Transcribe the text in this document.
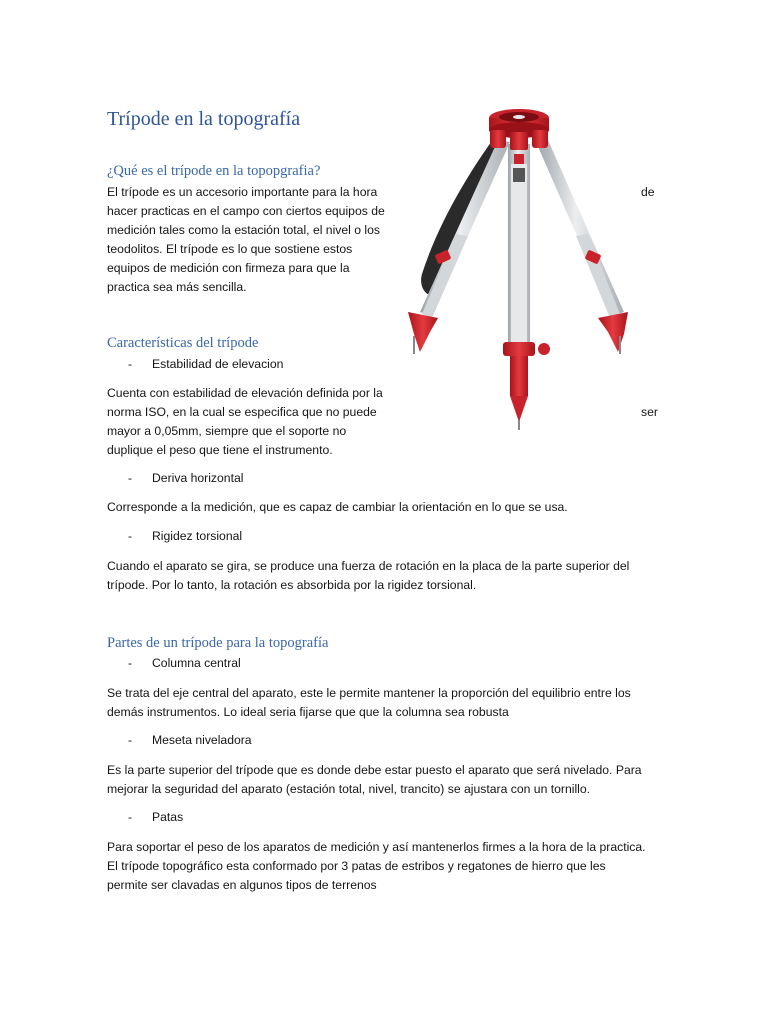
Trípode en la topografía
¿Qué es el trípode en la topopgrafia?
El trípode es un accesorio importante para la hora
hacer practicas en el campo con ciertos equipos de
medición tales como la estación total, el nivel o los
teodolitos. El trípode es lo que sostiene estos
equipos de medición con firmeza para que la
practica sea más sencilla.
de
Características del trípode

- Estabilidad de elevacion

Cuenta con estabilidad de elevación definida por la
norma ISO, en la cual se especifica que no puede
mayor a 0,05mm, siempre que el soporte no
duplique el peso que tiene el instrumento.
ser

- Deriva horizontal

Corresponde a la medición, que es capaz de cambiar la orientación en lo que se usa.

- Rigidez torsional

Cuando el aparato se gira, se produce una fuerza de rotación en la placa de la parte superior del
trípode. Por lo tanto, la rotación es absorbida por la rigidez torsional.
Partes de un trípode para la topografía

- Columna central

Se trata del eje central del aparato, este le permite mantener la proporción del equilibrio entre los
demás instrumentos. Lo ideal seria fijarse que que la columna sea robusta

- Meseta niveladora

Es la parte superior del trípode que es donde debe estar puesto el aparato que será nivelado. Para
mejorar la seguridad del aparato (estación total, nivel, trancito) se ajustara con un tornillo.

- Patas

Para soportar el peso de los aparatos de medición y así mantenerlos firmes a la hora de la practica.
El trípode topográfico esta conformado por 3 patas de estribos y regatones de hierro que les
permite ser clavadas en algunos tipos de terrenos
